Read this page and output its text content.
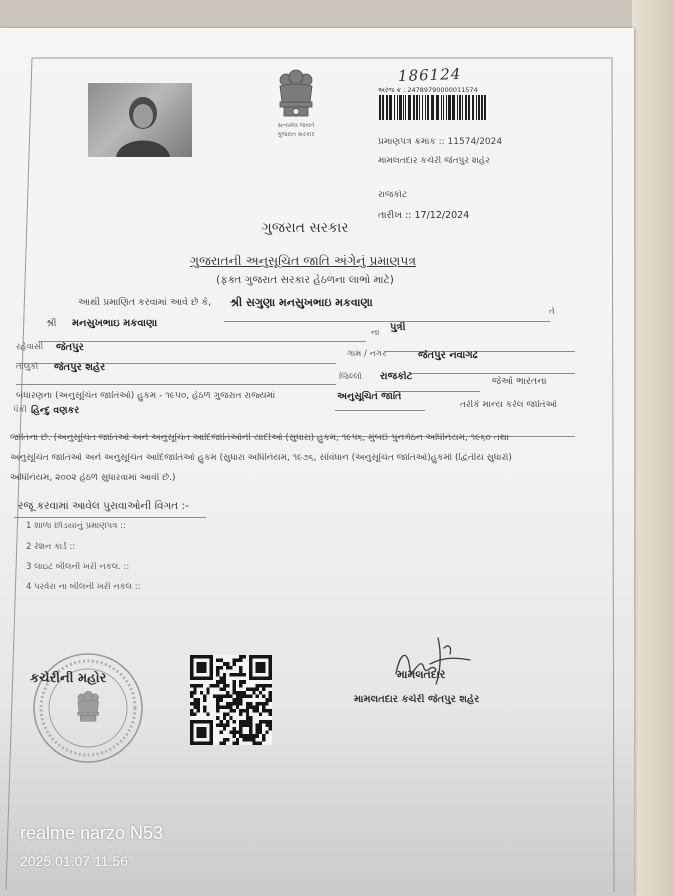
સત્યમેવ જયતે
ગુજરાત સરકાર
186124
અરજ ક્ર : 24789790000011574
પ્રમાણપત્ર ક્રમાંક :: 11574/2024
મામલતદાર કચેરી જેતપુર શહેર
રાજકોટ
તારીખ :: 17/12/2024
ગુજરાત સરકાર
ગુજરાતની અનુસૂચિત જાતિ અંગેનું પ્રમાણપત્ર
(ફક્ત ગુજરાત સરકાર હેઠળના લાભો માટે)
આથી પ્રમાણિત કરવામાં આવે છે કે, શ્રી સગુણા મનસુખભાઇ મકવાણા
તે
શ્રી મનસુખભાઇ મકવાણા
ના પુત્રી
રહેવાસી જેતપુર
ગામ / નગર	જેતપુર નવાગઢ
તાલુકો જેતપુર શહેર
જિલ્લો રાજકોટ	જેઓ ભારતના
બંધારણના (અનુસૂચિત જાતિઓ) હુકમ - ૧૯૫૦, હેઠળ ગુજરાત રાજ્યમાં	અનુસૂચિત જાતિ
તરીકે માન્ય કરેલ જાતિઓ
પૈકી હિન્દુ વણકર
જાતિના છે. (અનુસૂચિત જાતિઓ અને અનુસૂચિત આદિજાતિઓની યાદીઓ (સુધારા) હુકમ, ૧૯૫૬, મુંબઈ પુનર્ગઠન અધિનિયમ, ૧૯૬૦ તથા
અનુસૂચિત જાતિઓ અને અનુસૂચિત આદિજાતિઓ હુકમ (સુધારા અધિનિયમ, ૧૯૭૬, સંવિધાન (અનુસૂચિત જાતિઓ)હુકમો (દ્વિતીય સુધારો)
અધિનિયમ, ૨૦૦૨ હેઠળ સુધારવામાં આવી છે.)
રજૂ કરવામાં આવેલ પુરાવાઓની વિગત :-
1 શાળા છોડયાનું પ્રમાણપત્ર ::
2 રેશન કાર્ડ ::
3 લાઇટ બીલની ખરી નકલ. ::
4 પરવેરા ના બીલની ખરી નકલ ::
કચેરીની મહોર	મામલતદાર
મામલતદાર કચેરી જેતપુર શહેર
realme narzo N53
2025.01.07 11:56
